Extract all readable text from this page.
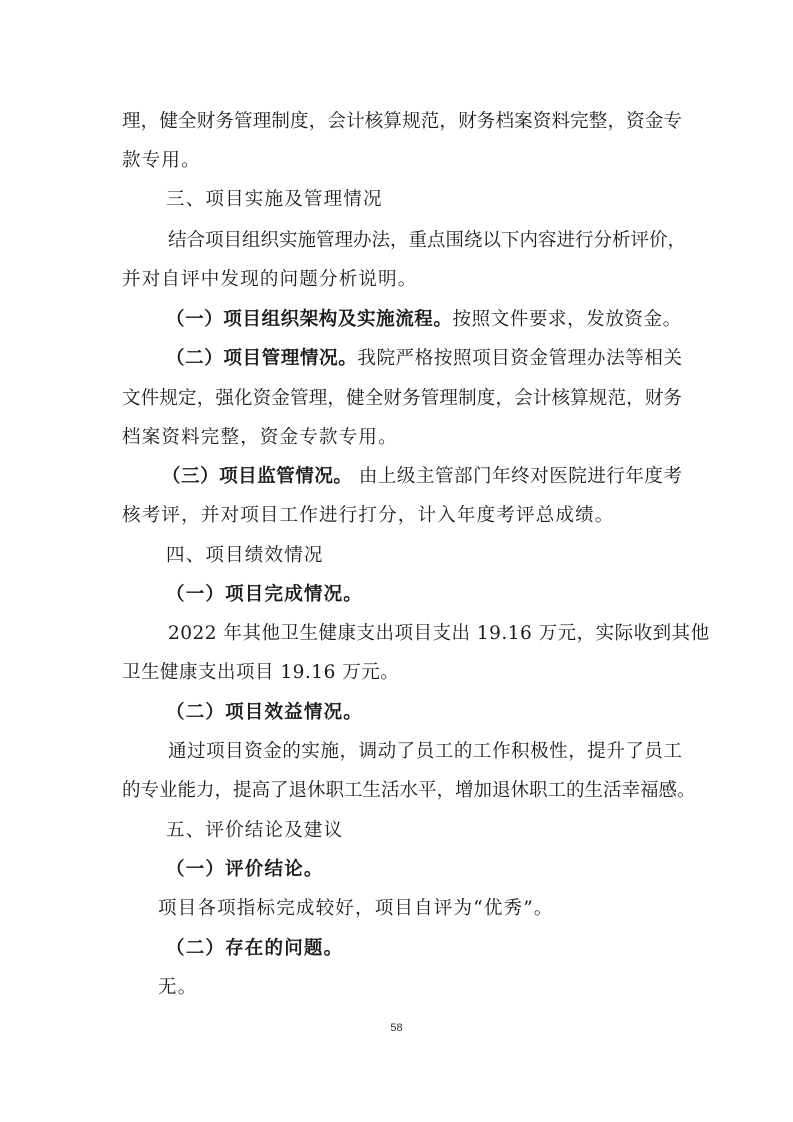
理，健全财务管理制度，会计核算规范，财务档案资料完整，资金专

款专用。

三、项目实施及管理情况

结合项目组织实施管理办法，重点围绕以下内容进行分析评价，

并对自评中发现的问题分析说明。

（一）项目组织架构及实施流程。按照文件要求，发放资金。

（二）项目管理情况。我院严格按照项目资金管理办法等相关

文件规定，强化资金管理，健全财务管理制度，会计核算规范，财务

档案资料完整，资金专款专用。

（三）项目监管情况。 由上级主管部门年终对医院进行年度考

核考评，并对项目工作进行打分，计入年度考评总成绩。

四、项目绩效情况

（一）项目完成情况。

2022 年其他卫生健康支出项目支出 19.16 万元，实际收到其他

卫生健康支出项目 19.16 万元。

（二）项目效益情况。

通过项目资金的实施，调动了员工的工作积极性，提升了员工

的专业能力，提高了退休职工生活水平，增加退休职工的生活幸福感。

五、评价结论及建议

（一）评价结论。

项目各项指标完成较好，项目自评为“优秀”。

（二）存在的问题。

无。

58
